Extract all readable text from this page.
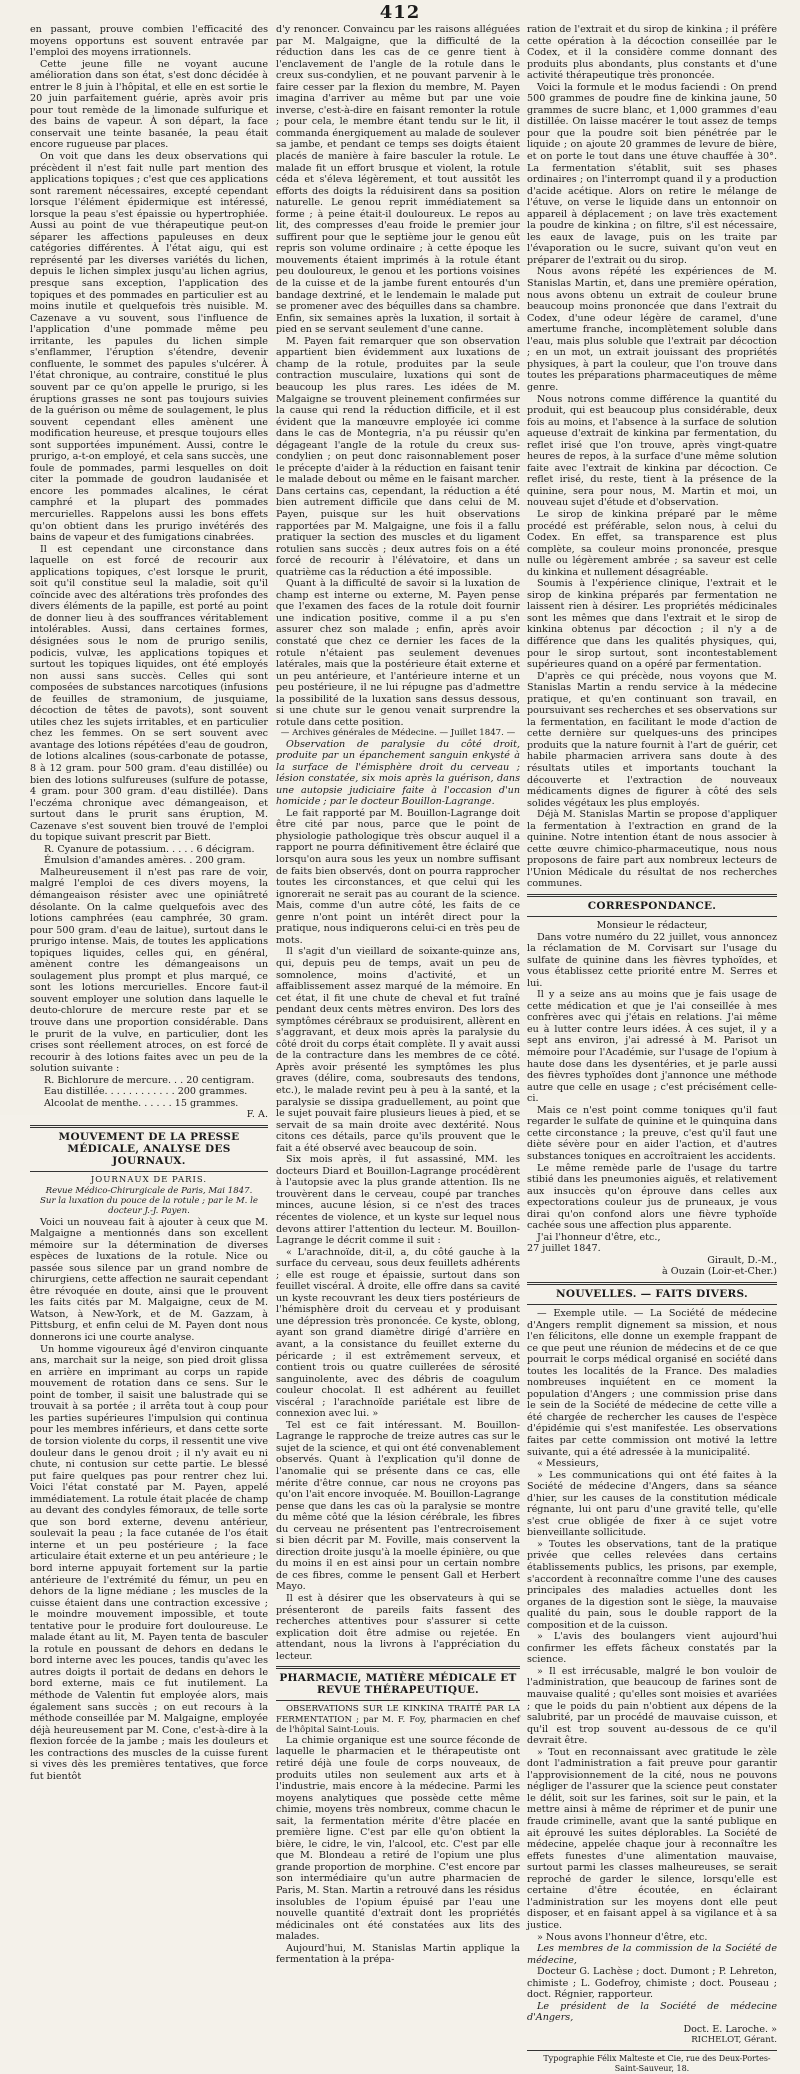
412

en passant, prouve combien l'efficacité des moyens opportuns est souvent entravée par l'emploi des moyens irrationnels.

Cette jeune fille ne voyant aucune amélioration dans son état, s'est donc décidée à entrer le 8 juin à l'hôpital, et elle en est sortie le 20 juin parfaitement guérie, après avoir pris pour tout remède de la limonade sulfurique et des bains de vapeur. À son départ, la face conservait une teinte basanée, la peau était encore rugueuse par places.

On voit que dans les deux observations qui précèdent il n'est fait nulle part mention des applications topiques ; c'est que ces applications sont rarement nécessaires, excepté cependant lorsque l'élément épidermique est intéressé, lorsque la peau s'est épaissie ou hypertrophiée. Aussi au point de vue thérapeutique peut-on séparer les affections papuleuses en deux catégories différentes. À l'état aigu, qui est représenté par les diverses variétés du lichen, depuis le lichen simplex jusqu'au lichen agrius, presque sans exception, l'application des topiques et des pommades en particulier est au moins inutile et quelquefois très nuisible. M. Cazenave a vu souvent, sous l'influence de l'application d'une pommade même peu irritante, les papules du lichen simple s'enflammer, l'éruption s'étendre, devenir confluente, le sommet des papules s'ulcérer. À l'état chronique, au contraire, constitué le plus souvent par ce qu'on appelle le prurigo, si les éruptions grasses ne sont pas toujours suivies de la guérison ou même de soulagement, le plus souvent cependant elles amènent une modification heureuse, et presque toujours elles sont supportées impunément. Aussi, contre le prurigo, a-t-on employé, et cela sans succès, une foule de pommades, parmi lesquelles on doit citer la pommade de goudron laudanisée et encore les pommades alcalines, le cérat camphré et la plupart des pommades mercurielles. Rappelons aussi les bons effets qu'on obtient dans les prurigo invétérés des bains de vapeur et des fumigations cinabrées.

Il est cependant une circonstance dans laquelle on est forcé de recourir aux applications topiques, c'est lorsque le prurit, soit qu'il constitue seul la maladie, soit qu'il coïncide avec des altérations très profondes des divers éléments de la papille, est porté au point de donner lieu à des souffrances véritablement intolérables. Aussi, dans certaines formes, désignées sous le nom de prurigo senilis, podicis, vulvæ, les applications topiques et surtout les topiques liquides, ont été employés non aussi sans succès. Celles qui sont composées de substances narcotiques (infusions de feuilles de stramonium, de jusquiame, décoction de têtes de pavots), sont souvent utiles chez les sujets irritables, et en particulier chez les femmes. On se sert souvent avec avantage des lotions répétées d'eau de goudron, de lotions alcalines (sous-carbonate de potasse, 8 à 12 gram. pour 500 gram. d'eau distillée) ou bien des lotions sulfureuses (sulfure de potasse, 4 gram. pour 300 gram. d'eau distillée). Dans l'eczéma chronique avec démangeaison, et surtout dans le prurit sans éruption, M. Cazenave s'est souvent bien trouvé de l'emploi du topique suivant prescrit par Biett.

R. Cyanure de potassium. . . . . 6 décigram.

Émulsion d'amandes amères. . 200 gram.

Malheureusement il n'est pas rare de voir, malgré l'emploi de ces divers moyens, la démangeaison résister avec une opiniâtreté désolante. On la calme quelquefois avec des lotions camphrées (eau camphrée, 30 gram. pour 500 gram. d'eau de laitue), surtout dans le prurigo intense. Mais, de toutes les applications topiques liquides, celles qui, en général, amènent contre les démangeaisons un soulagement plus prompt et plus marqué, ce sont les lotions mercurielles. Encore faut-il souvent employer une solution dans laquelle le deuto-chlorure de mercure reste par et se trouve dans une proportion considérable. Dans le prurit de la vulve, en particulier, dont les crises sont réellement atroces, on est forcé de recourir à des lotions faites avec un peu de la solution suivante :

R. Bichlorure de mercure. . . 20 centigram.

Eau distillée. . . . . . . . . . . . 200 grammes.

Alcoolat de menthe. . . . . . 15 grammes.

F. A.

MOUVEMENT DE LA PRESSE MÉDICALE, ANALYSE DES JOURNAUX.
JOURNAUX DE PARIS.

Revue Médico-Chirurgicale de Paris, Mai 1847.

Sur la luxation du pouce de la rotule ; par le M. le docteur J.-J. Payen.

Voici un nouveau fait à ajouter à ceux que M. Malgaigne a mentionnés dans son excellent mémoire sur la détermination de diverses espèces de luxations de la rotule. Nice ou passée sous silence par un grand nombre de chirurgiens, cette affection ne saurait cependant être révoquée en doute, ainsi que le prouvent les faits cités par M. Malgaigne, ceux de M. Watson, à New-York, et de M. Gazzam, à Pittsburg, et enfin celui de M. Payen dont nous donnerons ici une courte analyse.

Un homme vigoureux âgé d'environ cinquante ans, marchait sur la neige, son pied droit glissa en arrière en imprimant au corps un rapide mouvement de rotation dans ce sens. Sur le point de tomber, il saisit une balustrade qui se trouvait à sa portée ; il arrêta tout à coup pour les parties supérieures l'impulsion qui continua pour les membres inférieurs, et dans cette sorte de torsion violente du corps, il ressentit une vive douleur dans le genou droit ; il n'y avait eu ni chute, ni contusion sur cette partie. Le blessé put faire quelques pas pour rentrer chez lui. Voici l'état constaté par M. Payen, appelé immédiatement. La rotule était placée de champ au devant des condyles fémoraux, de telle sorte que son bord externe, devenu antérieur, soulevait la peau ; la face cutanée de l'os était interne et un peu postérieure ; la face articulaire était externe et un peu antérieure ; le bord interne appuyait fortement sur la partie antérieure de l'extrémité du fémur, un peu en dehors de la ligne médiane ; les muscles de la cuisse étaient dans une contraction excessive ; le moindre mouvement impossible, et toute tentative pour le produire fort douloureuse. Le malade étant au lit, M. Payen tenta de basculer la rotule en poussant de dehors en dedans le bord interne avec les pouces, tandis qu'avec les autres doigts il portait de dedans en dehors le bord externe, mais ce fut inutilement. La méthode de Valentin fut employée alors, mais également sans succès ; on eut recours à la méthode conseillée par M. Malgaigne, employée déjà heureusement par M. Cone, c'est-à-dire à la flexion forcée de la jambe ; mais les douleurs et les contractions des muscles de la cuisse furent si vives dès les premières tentatives, que force fut bientôt

d'y renoncer. Convaincu par les raisons alléguées par M. Malgaigne, que la difficulté de la réduction dans les cas de ce genre tient à l'enclavement de l'angle de la rotule dans le creux sus-condylien, et ne pouvant parvenir à le faire cesser par la flexion du membre, M. Payen imagina d'arriver au même but par une voie inverse, c'est-à-dire en faisant remonter la rotule ; pour cela, le membre étant tendu sur le lit, il commanda énergiquement au malade de soulever sa jambe, et pendant ce temps ses doigts étaient placés de manière à faire basculer la rotule. Le malade fit un effort brusque et violent, la rotule céda et s'éleva légèrement, et tout aussitôt les efforts des doigts la réduisirent dans sa position naturelle. Le genou reprit immédiatement sa forme ; à peine était-il douloureux. Le repos au lit, des compresses d'eau froide le premier jour suffirent pour que le septième jour le genou eût repris son volume ordinaire ; à cette époque les mouvements étaient imprimés à la rotule étant peu douloureux, le genou et les portions voisines de la cuisse et de la jambe furent entourés d'un bandage dextriné, et le lendemain le malade put se promener avec des béquilles dans sa chambre. Enfin, six semaines après la luxation, il sortait à pied en se servant seulement d'une canne.

M. Payen fait remarquer que son observation appartient bien évidemment aux luxations de champ de la rotule, produites par la seule contraction musculaire, luxations qui sont de beaucoup les plus rares. Les idées de M. Malgaigne se trouvent pleinement confirmées sur la cause qui rend la réduction difficile, et il est évident que la manœuvre employée ici comme dans le cas de Montegria, n'a pu réussir qu'en dégageant l'angle de la rotule du creux sus-condylien ; on peut donc raisonnablement poser le précepte d'aider à la réduction en faisant tenir le malade debout ou même en le faisant marcher. Dans certains cas, cependant, la réduction a été bien autrement difficile que dans celui de M. Payen, puisque sur les huit observations rapportées par M. Malgaigne, une fois il a fallu pratiquer la section des muscles et du ligament rotulien sans succès ; deux autres fois on a été forcé de recourir à l'élévatoire, et dans un quatrième cas la réduction a été impossible.

Quant à la difficulté de savoir si la luxation de champ est interne ou externe, M. Payen pense que l'examen des faces de la rotule doit fournir une indication positive, comme il a pu s'en assurer chez son malade ; enfin, après avoir constaté que chez ce dernier les faces de la rotule n'étaient pas seulement devenues latérales, mais que la postérieure était externe et un peu antérieure, et l'antérieure interne et un peu postérieure, il ne lui répugne pas d'admettre la possibilité de la luxation sans dessus dessous, si une chute sur le genou venait surprendre la rotule dans cette position.

— Archives générales de Médecine. — Juillet 1847. —

Observation de paralysie du côté droit, produite par un épanchement sanguin enkysté à la surface de l'émisphère droit du cerveau ; lésion constatée, six mois après la guérison, dans une autopsie judiciaire faite à l'occasion d'un homicide ; par le docteur Bouillon-Lagrange.

Le fait rapporté par M. Bouillon-Lagrange doit être cité par nous, parce que le point de physiologie pathologique très obscur auquel il a rapport ne pourra définitivement être éclairé que lorsqu'on aura sous les yeux un nombre suffisant de faits bien observés, dont on pourra rapprocher toutes les circonstances, et que celui qui les ignorerait ne serait pas au courant de la science. Mais, comme d'un autre côté, les faits de ce genre n'ont point un intérêt direct pour la pratique, nous indiquerons celui-ci en très peu de mots.

Il s'agit d'un vieillard de soixante-quinze ans, qui, depuis peu de temps, avait un peu de somnolence, moins d'activité, et un affaiblissement assez marqué de la mémoire. En cet état, il fit une chute de cheval et fut traîné pendant deux cents mètres environ. Des lors des symptômes cérébraux se produisirent, allèrent en s'aggravant, et deux mois après la paralysie du côté droit du corps était complète. Il y avait aussi de la contracture dans les membres de ce côté. Après avoir présenté les symptômes les plus graves (délire, coma, soubresauts des tendons, etc.), le malade revint peu à peu à la santé, et la paralysie se dissipa graduellement, au point que le sujet pouvait faire plusieurs lieues à pied, et se servait de sa main droite avec dextérité. Nous citons ces détails, parce qu'ils prouvent que le fait a été observé avec beaucoup de soin.

Six mois après, il fut assassiné, MM. les docteurs Diard et Bouillon-Lagrange procédèrent à l'autopsie avec la plus grande attention. Ils ne trouvèrent dans le cerveau, coupé par tranches minces, aucune lésion, si ce n'est des traces récentes de violence, et un kyste sur lequel nous devons attirer l'attention du lecteur. M. Bouillon-Lagrange le décrit comme il suit :

« L'arachnoïde, dit-il, a, du côté gauche à la surface du cerveau, sous deux feuillets adhérents ; elle est rouge et épaissie, surtout dans son feuillet viscéral. À droite, elle offre dans sa cavité un kyste recouvrant les deux tiers postérieurs de l'hémisphère droit du cerveau et y produisant une dépression très prononcée. Ce kyste, oblong, ayant son grand diamètre dirigé d'arrière en avant, a la consistance du feuillet externe du péricarde ; il est extrêmement serveux, et contient trois ou quatre cuillerées de sérosité sanguinolente, avec des débris de coagulum couleur chocolat. Il est adhérent au feuillet viscéral ; l'arachnoïde pariétale est libre de connexion avec lui. »

Tel est ce fait intéressant. M. Bouillon-Lagrange le rapproche de treize autres cas sur le sujet de la science, et qui ont été convenablement observés. Quant à l'explication qu'il donne de l'anomalie qui se présente dans ce cas, elle mérite d'être connue, car nous ne croyons pas qu'on l'ait encore invoquée. M. Bouillon-Lagrange pense que dans les cas où la paralysie se montre du même côté que la lésion cérébrale, les fibres du cerveau ne présentent pas l'entrecroisement si bien décrit par M. Foville, mais conservent la direction droite jusqu'à la moelle épinière, ou que du moins il en est ainsi pour un certain nombre de ces fibres, comme le pensent Gall et Herbert Mayo.

Il est à désirer que les observateurs à qui se présenteront de pareils faits fassent des recherches attentives pour s'assurer si cette explication doit être admise ou rejetée. En attendant, nous la livrons à l'appréciation du lecteur.

PHARMACIE, MATIÈRE MÉDICALE ET REVUE THÉRAPEUTIQUE.

OBSERVATIONS SUR LE KINKINA TRAITÉ PAR LA FERMENTATION ; par M. F. Foy, pharmacien en chef de l'hôpital Saint-Louis.

La chimie organique est une source féconde de laquelle le pharmacien et le thérapeutiste ont retiré déjà une foule de corps nouveaux, de produits utiles non seulement aux arts et à l'industrie, mais encore à la médecine. Parmi les moyens analytiques que possède cette même chimie, moyens très nombreux, comme chacun le sait, la fermentation mérite d'être placée en première ligne. C'est par elle qu'on obtient la bière, le cidre, le vin, l'alcool, etc. C'est par elle que M. Blondeau a retiré de l'opium une plus grande proportion de morphine. C'est encore par son intermédiaire qu'un autre pharmacien de Paris, M. Stan. Martin a retrouvé dans les résidus insolubles de l'opium épuisé par l'eau une nouvelle quantité d'extrait dont les propriétés médicinales ont été constatées aux lits des malades.

Aujourd'hui, M. Stanislas Martin applique la fermentation à la prépa-

ration de l'extrait et du sirop de kinkina ; il préfère cette opération à la décoction conseillée par le Codex, et il la considère comme donnant des produits plus abondants, plus constants et d'une activité thérapeutique très prononcée.

Voici la formule et le modus faciendi : On prend 500 grammes de poudre fine de kinkina jaune, 50 grammes de sucre blanc, et 1,000 grammes d'eau distillée. On laisse macérer le tout assez de temps pour que la poudre soit bien pénétrée par le liquide ; on ajoute 20 grammes de levure de bière, et on porte le tout dans une étuve chauffée à 30°. La fermentation s'établit, suit ses phases ordinaires ; on l'interrompt quand il y a production d'acide acétique. Alors on retire le mélange de l'étuve, on verse le liquide dans un entonnoir on appareil à déplacement ; on lave très exactement la poudre de kinkina ; on filtre, s'il est nécessaire, les eaux de lavage, puis on les traite par l'évaporation ou le sucre, suivant qu'on veut en préparer de l'extrait ou du sirop.

Nous avons répété les expériences de M. Stanislas Martin, et, dans une première opération, nous avons obtenu un extrait de couleur brune beaucoup moins prononcée que dans l'extrait du Codex, d'une odeur légère de caramel, d'une amertume franche, incomplètement soluble dans l'eau, mais plus soluble que l'extrait par décoction ; en un mot, un extrait jouissant des propriétés physiques, à part la couleur, que l'on trouve dans toutes les préparations pharmaceutiques de même genre.

Nous notrons comme différence la quantité du produit, qui est beaucoup plus considérable, deux fois au moins, et l'absence à la surface de solution aqueuse d'extrait de kinkina par fermentation, du reflet irisé que l'on trouve, après vingt-quatre heures de repos, à la surface d'une même solution faite avec l'extrait de kinkina par décoction. Ce reflet irisé, du reste, tient à la présence de la quinine, sera pour nous, M. Martin et moi, un nouveau sujet d'étude et d'observation.

Le sirop de kinkina préparé par le même procédé est préférable, selon nous, à celui du Codex. En effet, sa transparence est plus complète, sa couleur moins prononcée, presque nulle ou légèrement ambrée ; sa saveur est celle du kinkina et nullement désagréable.

Soumis à l'expérience clinique, l'extrait et le sirop de kinkina préparés par fermentation ne laissent rien à désirer. Les propriétés médicinales sont les mêmes que dans l'extrait et le sirop de kinkina obtenus par décoction ; il n'y a de différence que dans les qualités physiques, qui, pour le sirop surtout, sont incontestablement supérieures quand on a opéré par fermentation.

D'après ce qui précède, nous voyons que M. Stanislas Martin a rendu service à la médecine pratique, et qu'en continuant son travail, en poursuivant ses recherches et ses observations sur la fermentation, en facilitant le mode d'action de cette dernière sur quelques-uns des principes produits que la nature fournit à l'art de guérir, cet habile pharmacien arrivera sans doute à des résultats utiles et importants touchant la découverte et l'extraction de nouveaux médicaments dignes de figurer à côté des sels solides végétaux les plus employés.

Déjà M. Stanislas Martin se propose d'appliquer la fermentation à l'extraction en grand de la quinine. Notre intention étant de nous associer à cette œuvre chimico-pharmaceutique, nous nous proposons de faire part aux nombreux lecteurs de l'Union Médicale du résultat de nos recherches communes.

CORRESPONDANCE.

Monsieur le rédacteur,

Dans votre numéro du 22 juillet, vous annoncez la réclamation de M. Corvisart sur l'usage du sulfate de quinine dans les fièvres typhoïdes, et vous établissez cette priorité entre M. Serres et lui.

Il y a seize ans au moins que je fais usage de cette médication et que je l'ai conseillée à mes confrères avec qui j'étais en relations. J'ai même eu à lutter contre leurs idées. À ces sujet, il y a sept ans environ, j'ai adressé à M. Parisot un mémoire pour l'Académie, sur l'usage de l'opium à haute dose dans les dysentéries, et je parle aussi des fièvres typhoïdes dont j'annonce une méthode autre que celle en usage ; c'est précisément celle-ci.

Mais ce n'est point comme toniques qu'il faut regarder le sulfate de quinine et le quinquina dans cette circonstance ; la preuve, c'est qu'il faut une diète sévère pour en aider l'action, et d'autres substances toniques en accroîtraient les accidents.

Le même remède parle de l'usage du tartre stibié dans les pneumonies aiguës, et relativement aux insuccès qu'on éprouve dans celles aux expectorations couleur jus de pruneaux, je vous dirai qu'on confond alors une fièvre typhoïde cachée sous une affection plus apparente.

J'ai l'honneur d'être, etc.,

27 juillet 1847.

Girault, D.-M.,

à Ouzain (Loir-et-Cher.)

NOUVELLES. — FAITS DIVERS.

— Exemple utile. — La Société de médecine d'Angers remplit dignement sa mission, et nous l'en félicitons, elle donne un exemple frappant de ce que peut une réunion de médecins et de ce que pourrait le corps médical organisé en société dans toutes les localités de la France. Des maladies nombreuses inquiétent en ce moment la population d'Angers ; une commission prise dans le sein de la Société de médecine de cette ville a été chargée de rechercher les causes de l'espèce d'épidémie qui s'est manifestée. Les observations faites par cette commission ont motivé la lettre suivante, qui a été adressée à la municipalité.

« Messieurs,

» Les communications qui ont été faites à la Société de médecine d'Angers, dans sa séance d'hier, sur les causes de la constitution médicale régnante, lui ont paru d'une gravité telle, qu'elle s'est crue obligée de fixer à ce sujet votre bienveillante sollicitude.

» Toutes les observations, tant de la pratique privée que celles relevées dans certains établissements publics, les prisons, par exemple, s'accordent à reconnaître comme l'une des causes principales des maladies actuelles dont les organes de la digestion sont le siège, la mauvaise qualité du pain, sous le double rapport de la composition et de la cuisson.

» L'avis des boulangers vient aujourd'hui confirmer les effets fâcheux constatés par la science.

» Il est irrécusable, malgré le bon vouloir de l'administration, que beaucoup de farines sont de mauvaise qualité ; qu'elles sont moisies et avariées ; que le poids du pain n'obtient aux dépens de la salubrité, par un procédé de mauvaise cuisson, et qu'il est trop souvent au-dessous de ce qu'il devrait être.

» Tout en reconnaissant avec gratitude le zèle dont l'administration a fait preuve pour garantir l'approvisionnement de la cité, nous ne pouvons négliger de l'assurer que la science peut constater le délit, soit sur les farines, soit sur le pain, et la mettre ainsi à même de réprimer et de punir une fraude criminelle, avant que la santé publique en ait éprouvé les suites déplorables. La Société de médecine, appelée chaque jour à reconnaître les effets funestes d'une alimentation mauvaise, surtout parmi les classes malheureuses, se serait reproché de garder le silence, lorsqu'elle est certaine d'être écoutée, en éclairant l'administration sur les moyens dont elle peut disposer, et en faisant appel à sa vigilance et à sa justice.

» Nous avons l'honneur d'être, etc.

Les membres de la commission de la Société de médecine,

Docteur G. Lachèse ; doct. Dumont ; P. Lehreton, chimiste ; L. Godefroy, chimiste ; doct. Pouseau ; doct. Régnier, rapporteur.

Le président de la Société de médecine d'Angers,

Doct. E. Laroche. »

RICHELOT, Gérant.

Typographie Félix Malteste et Cie, rue des Deux-Portes-Saint-Sauveur, 18.
